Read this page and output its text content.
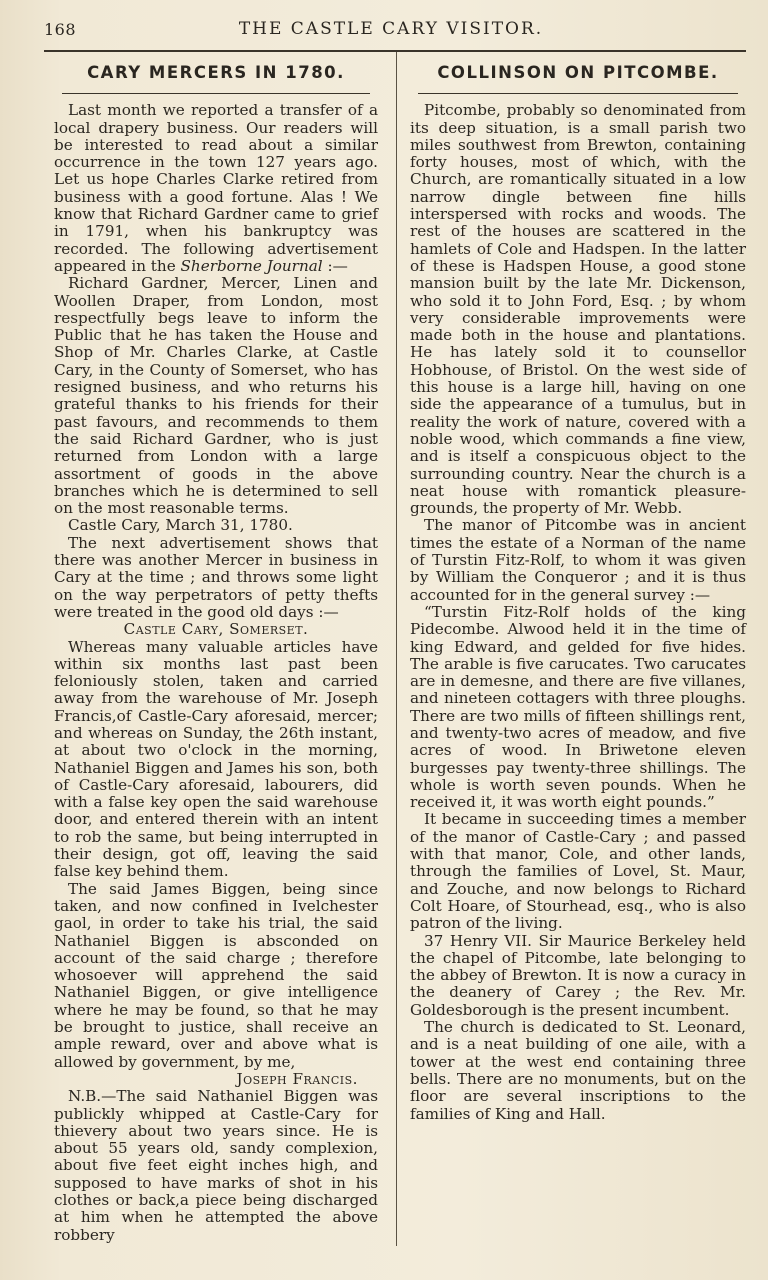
168	THE CASTLE CARY VISITOR.
CARY MERCERS IN 1780.

Last month we reported a transfer of a local drapery business. Our readers will be interested to read about a similar occurrence in the town 127 years ago. Let us hope Charles Clarke retired from business with a good fortune. Alas ! We know that Richard Gardner came to grief in 1791, when his bankruptcy was recorded. The following advertisement appeared in the Sherborne Journal :—

Richard Gardner, Mercer, Linen and Woollen Draper, from London, most respectfully begs leave to inform the Public that he has taken the House and Shop of Mr. Charles Clarke, at Castle Cary, in the County of Somerset, who has resigned business, and who returns his grateful thanks to his friends for their past favours, and recommends to them the said Richard Gardner, who is just returned from London with a large assortment of goods in the above branches which he is determined to sell on the most reasonable terms.

Castle Cary, March 31, 1780.

The next advertisement shows that there was another Mercer in business in Cary at the time ; and throws some light on the way perpetrators of petty thefts were treated in the good old days :—

Castle Cary, Somerset.

Whereas many valuable articles have within six months last past been feloniously stolen, taken and carried away from the warehouse of Mr. Joseph Francis,of Castle-Cary aforesaid, mercer; and whereas on Sunday, the 26th instant, at about two o'clock in the morning, Nathaniel Biggen and James his son, both of Castle-Cary aforesaid, labourers, did with a false key open the said warehouse door, and entered therein with an intent to rob the same, but being interrupted in their design, got off, leaving the said false key behind them.

The said James Biggen, being since taken, and now confined in Ivelchester gaol, in order to take his trial, the said Nathaniel Biggen is absconded on account of the said charge ; therefore whosoever will apprehend the said Nathaniel Biggen, or give intelligence where he may be found, so that he may be brought to justice, shall receive an ample reward, over and above what is allowed by government, by me,

Joseph Francis.

N.B.—The said Nathaniel Biggen was publickly whipped at Castle-Cary for thievery about two years since. He is about 55 years old, sandy complexion, about five feet eight inches high, and supposed to have marks of shot in his clothes or back,a piece being discharged at him when he attempted the above robbery

COLLINSON ON PITCOMBE.

Pitcombe, probably so denominated from its deep situation, is a small parish two miles southwest from Brewton, containing forty houses, most of which, with the Church, are romantically situated in a low narrow dingle between fine hills interspersed with rocks and woods. The rest of the houses are scattered in the hamlets of Cole and Hadspen. In the latter of these is Hadspen House, a good stone mansion built by the late Mr. Dickenson, who sold it to John Ford, Esq. ; by whom very considerable improvements were made both in the house and plantations. He has lately sold it to counsellor Hobhouse, of Bristol. On the west side of this house is a large hill, having on one side the appearance of a tumulus, but in reality the work of nature, covered with a noble wood, which commands a fine view, and is itself a conspicuous object to the surrounding country. Near the church is a neat house with romantick pleasure-grounds, the property of Mr. Webb.

The manor of Pitcombe was in ancient times the estate of a Norman of the name of Turstin Fitz-Rolf, to whom it was given by William the Conqueror ; and it is thus accounted for in the general survey :—

“Turstin Fitz-Rolf holds of the king Pidecombe. Alwood held it in the time of king Edward, and gelded for five hides. The arable is five carucates. Two carucates are in demesne, and there are five villanes, and nineteen cottagers with three ploughs. There are two mills of fifteen shillings rent, and twenty-two acres of meadow, and five acres of wood. In Briwetone eleven burgesses pay twenty-three shillings. The whole is worth seven pounds. When he received it, it was worth eight pounds.”

It became in succeeding times a member of the manor of Castle-Cary ; and passed with that manor, Cole, and other lands, through the families of Lovel, St. Maur, and Zouche, and now belongs to Richard Colt Hoare, of Stourhead, esq., who is also patron of the living.

37 Henry VII. Sir Maurice Berkeley held the chapel of Pitcombe, late belonging to the abbey of Brewton. It is now a curacy in the deanery of Carey ; the Rev. Mr. Goldesborough is the present incumbent.

The church is dedicated to St. Leonard, and is a neat building of one aile, with a tower at the west end containing three bells. There are no monuments, but on the floor are several inscriptions to the families of King and Hall.
